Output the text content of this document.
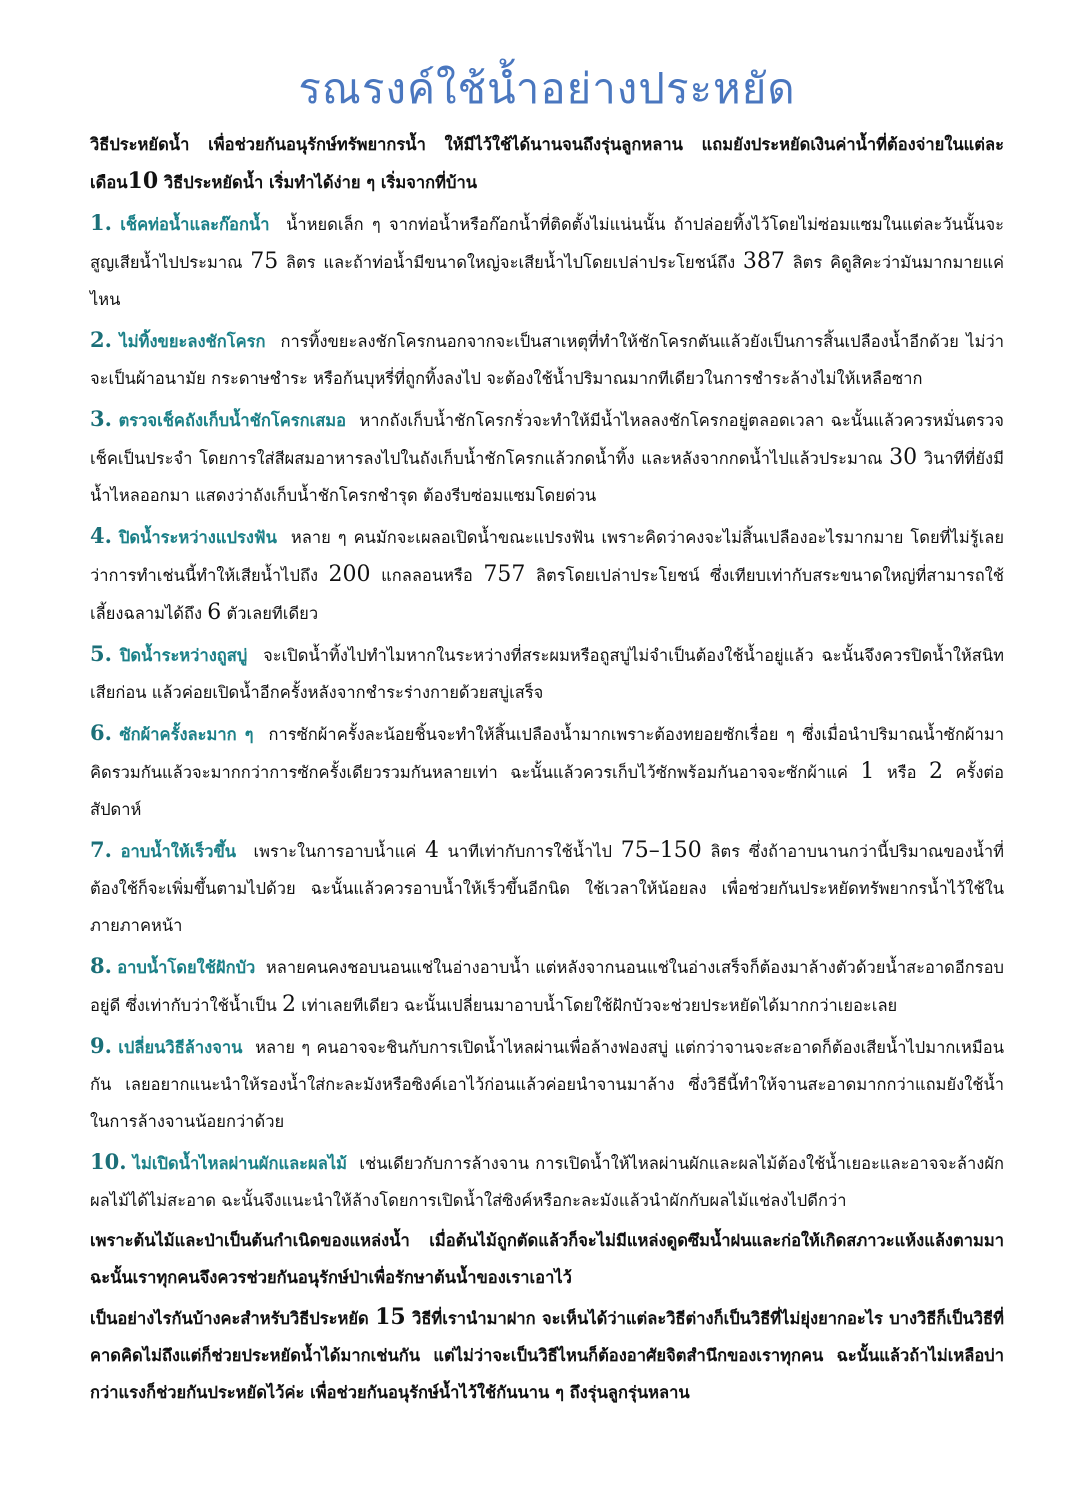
รณรงค์ใช้น้ำอย่างประหยัด

วิธีประหยัดน้ำ เพื่อช่วยกันอนุรักษ์ทรัพยากรน้ำ ให้มีไว้ใช้ได้นานจนถึงรุ่นลูกหลาน แถมยังประหยัดเงินค่าน้ำที่ต้องจ่ายในแต่ละเดือน10 วิธีประหยัดน้ำ เริ่มทำได้ง่าย ๆ เริ่มจากที่บ้าน

1. เช็คท่อน้ำและก๊อกน้ำ น้ำหยดเล็ก ๆ จากท่อน้ำหรือก๊อกน้ำที่ติดตั้งไม่แน่นนั้น ถ้าปล่อยทิ้งไว้โดยไม่ซ่อมแซมในแต่ละวันนั้นจะสูญเสียน้ำไปประมาณ 75 ลิตร และถ้าท่อน้ำมีขนาดใหญ่จะเสียน้ำไปโดยเปล่าประโยชน์ถึง 387 ลิตร คิดูสิคะว่ามันมากมายแค่ไหน

2. ไม่ทิ้งขยะลงชักโครก การทิ้งขยะลงชักโครกนอกจากจะเป็นสาเหตุที่ทำให้ชักโครกตันแล้วยังเป็นการสิ้นเปลืองน้ำอีกด้วย ไม่ว่าจะเป็นผ้าอนามัย กระดาษชำระ หรือก้นบุหรี่ที่ถูกทิ้งลงไป จะต้องใช้น้ำปริมาณมากทีเดียวในการชำระล้างไม่ให้เหลือซาก

3. ตรวจเช็คถังเก็บน้ำชักโครกเสมอ หากถังเก็บน้ำชักโครกรั่วจะทำให้มีน้ำไหลลงชักโครกอยู่ตลอดเวลา ฉะนั้นแล้วควรหมั่นตรวจเช็คเป็นประจำ โดยการใส่สีผสมอาหารลงไปในถังเก็บน้ำชักโครกแล้วกดน้ำทิ้ง และหลังจากกดน้ำไปแล้วประมาณ 30 วินาทีที่ยังมีน้ำไหลออกมา แสดงว่าถังเก็บน้ำชักโครกชำรุด ต้องรีบซ่อมแซมโดยด่วน

4. ปิดน้ำระหว่างแปรงฟัน หลาย ๆ คนมักจะเผลอเปิดน้ำขณะแปรงฟัน เพราะคิดว่าคงจะไม่สิ้นเปลืองอะไรมากมาย โดยที่ไม่รู้เลยว่าการทำเช่นนี้ทำให้เสียน้ำไปถึง 200 แกลลอนหรือ 757 ลิตรโดยเปล่าประโยชน์ ซึ่งเทียบเท่ากับสระขนาดใหญ่ที่สามารถใช้เลี้ยงฉลามได้ถึง 6 ตัวเลยทีเดียว

5. ปิดน้ำระหว่างถูสบู่ จะเปิดน้ำทิ้งไปทำไมหากในระหว่างที่สระผมหรือถูสบู่ไม่จำเป็นต้องใช้น้ำอยู่แล้ว ฉะนั้นจึงควรปิดน้ำให้สนิทเสียก่อน แล้วค่อยเปิดน้ำอีกครั้งหลังจากชำระร่างกายด้วยสบู่เสร็จ

6. ซักผ้าครั้งละมาก ๆ การซักผ้าครั้งละน้อยชิ้นจะทำให้สิ้นเปลืองน้ำมากเพราะต้องทยอยซักเรื่อย ๆ ซึ่งเมื่อนำปริมาณน้ำซักผ้ามาคิดรวมกันแล้วจะมากกว่าการซักครั้งเดียวรวมกันหลายเท่า ฉะนั้นแล้วควรเก็บไว้ซักพร้อมกันอาจจะซักผ้าแค่ 1 หรือ 2 ครั้งต่อสัปดาห์

7. อาบน้ำให้เร็วขึ้น เพราะในการอาบน้ำแค่ 4 นาทีเท่ากับการใช้น้ำไป 75–150 ลิตร ซึ่งถ้าอาบนานกว่านี้ปริมาณของน้ำที่ต้องใช้ก็จะเพิ่มขึ้นตามไปด้วย ฉะนั้นแล้วควรอาบน้ำให้เร็วขึ้นอีกนิด ใช้เวลาให้น้อยลง เพื่อช่วยกันประหยัดทรัพยากรน้ำไว้ใช้ในภายภาคหน้า

8. อาบน้ำโดยใช้ฝักบัว หลายคนคงชอบนอนแช่ในอ่างอาบน้ำ แต่หลังจากนอนแช่ในอ่างเสร็จก็ต้องมาล้างตัวด้วยน้ำสะอาดอีกรอบอยู่ดี ซึ่งเท่ากับว่าใช้น้ำเป็น 2 เท่าเลยทีเดียว ฉะนั้นเปลี่ยนมาอาบน้ำโดยใช้ฝักบัวจะช่วยประหยัดได้มากกว่าเยอะเลย

9. เปลี่ยนวิธีล้างจาน หลาย ๆ คนอาจจะชินกับการเปิดน้ำไหลผ่านเพื่อล้างฟองสบู่ แต่กว่าจานจะสะอาดก็ต้องเสียน้ำไปมากเหมือนกัน เลยอยากแนะนำให้รองน้ำใส่กะละมังหรือซิงค์เอาไว้ก่อนแล้วค่อยนำจานมาล้าง ซึ่งวิธีนี้ทำให้จานสะอาดมากกว่าแถมยังใช้น้ำในการล้างจานน้อยกว่าด้วย

10. ไม่เปิดน้ำไหลผ่านผักและผลไม้ เช่นเดียวกับการล้างจาน การเปิดน้ำให้ไหลผ่านผักและผลไม้ต้องใช้น้ำเยอะและอาจจะล้างผักผลไม้ได้ไม่สะอาด ฉะนั้นจึงแนะนำให้ล้างโดยการเปิดน้ำใส่ซิงค์หรือกะละมังแล้วนำผักกับผลไม้แช่ลงไปดีกว่า

เพราะต้นไม้และป่าเป็นต้นกำเนิดของแหล่งน้ำ เมื่อต้นไม้ถูกตัดแล้วก็จะไม่มีแหล่งดูดซึมน้ำฝนและก่อให้เกิดสภาวะแห้งแล้งตามมา ฉะนั้นเราทุกคนจึงควรช่วยกันอนุรักษ์ป่าเพื่อรักษาต้นน้ำของเราเอาไว้

เป็นอย่างไรกันบ้างคะสำหรับวิธีประหยัด 15 วิธีที่เรานำมาฝาก จะเห็นได้ว่าแต่ละวิธีต่างก็เป็นวิธีที่ไม่ยุ่งยากอะไร บางวิธีก็เป็นวิธีที่คาดคิดไม่ถึงแต่ก็ช่วยประหยัดน้ำได้มากเช่นกัน แต่ไม่ว่าจะเป็นวิธีไหนก็ต้องอาศัยจิตสำนึกของเราทุกคน ฉะนั้นแล้วถ้าไม่เหลือบ่ากว่าแรงก็ช่วยกันประหยัดไว้ค่ะ เพื่อช่วยกันอนุรักษ์น้ำไว้ใช้กันนาน ๆ ถึงรุ่นลูกรุ่นหลาน
